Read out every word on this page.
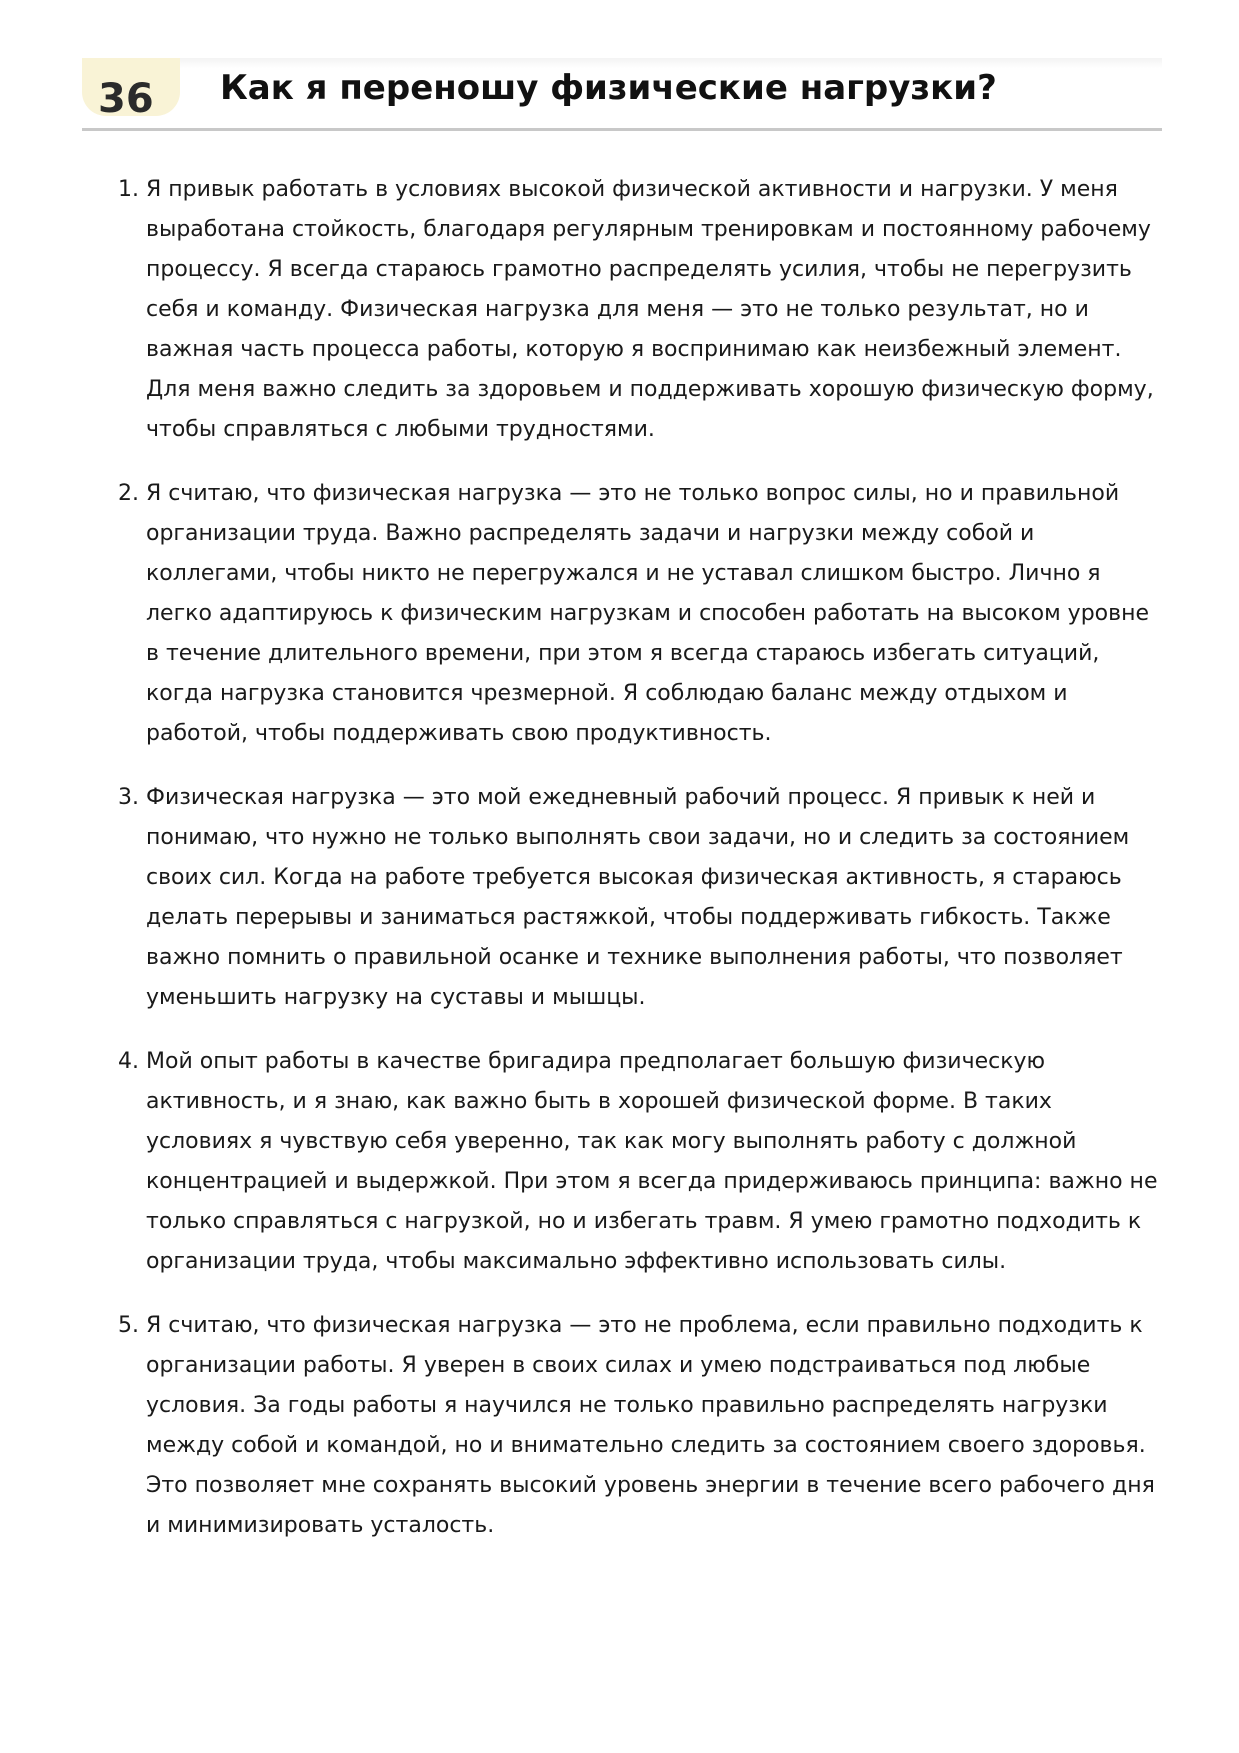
36 Как я переношу физические нагрузки?
1. Я привык работать в условиях высокой физической активности и нагрузки. У меня выработана стойкость, благодаря регулярным тренировкам и постоянному рабочему процессу. Я всегда стараюсь грамотно распределять усилия, чтобы не перегрузить себя и команду. Физическая нагрузка для меня — это не только результат, но и важная часть процесса работы, которую я воспринимаю как неизбежный элемент. Для меня важно следить за здоровьем и поддерживать хорошую физическую форму, чтобы справляться с любыми трудностями.
2. Я считаю, что физическая нагрузка — это не только вопрос силы, но и правильной организации труда. Важно распределять задачи и нагрузки между собой и коллегами, чтобы никто не перегружался и не уставал слишком быстро. Лично я легко адаптируюсь к физическим нагрузкам и способен работать на высоком уровне в течение длительного времени, при этом я всегда стараюсь избегать ситуаций, когда нагрузка становится чрезмерной. Я соблюдаю баланс между отдыхом и работой, чтобы поддерживать свою продуктивность.
3. Физическая нагрузка — это мой ежедневный рабочий процесс. Я привык к ней и понимаю, что нужно не только выполнять свои задачи, но и следить за состоянием своих сил. Когда на работе требуется высокая физическая активность, я стараюсь делать перерывы и заниматься растяжкой, чтобы поддерживать гибкость. Также важно помнить о правильной осанке и технике выполнения работы, что позволяет уменьшить нагрузку на суставы и мышцы.
4. Мой опыт работы в качестве бригадира предполагает большую физическую активность, и я знаю, как важно быть в хорошей физической форме. В таких условиях я чувствую себя уверенно, так как могу выполнять работу с должной концентрацией и выдержкой. При этом я всегда придерживаюсь принципа: важно не только справляться с нагрузкой, но и избегать травм. Я умею грамотно подходить к организации труда, чтобы максимально эффективно использовать силы.
5. Я считаю, что физическая нагрузка — это не проблема, если правильно подходить к организации работы. Я уверен в своих силах и умею подстраиваться под любые условия. За годы работы я научился не только правильно распределять нагрузки между собой и командой, но и внимательно следить за состоянием своего здоровья. Это позволяет мне сохранять высокий уровень энергии в течение всего рабочего дня и минимизировать усталость.
